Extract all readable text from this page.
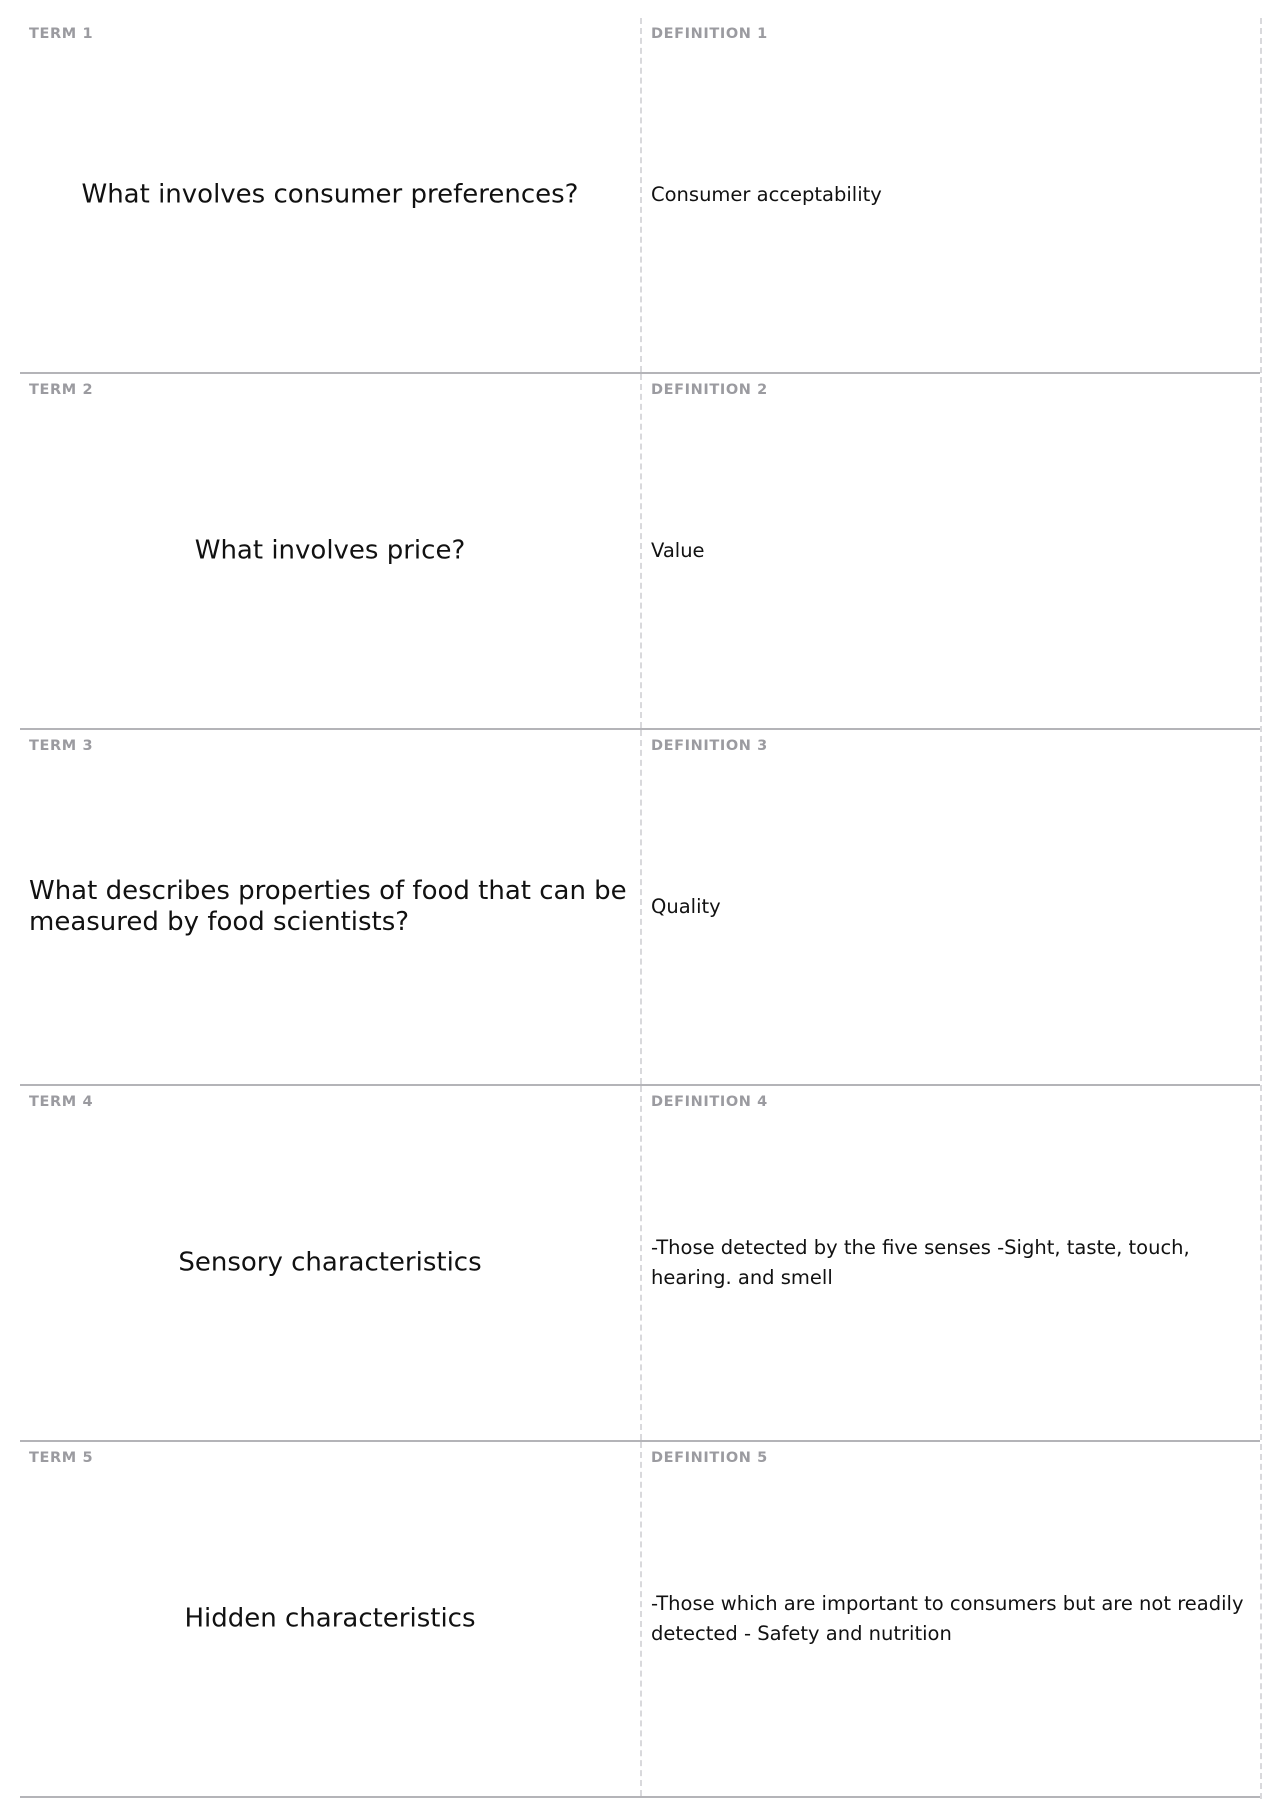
TERM 1
What involves consumer preferences?
DEFINITION 1
Consumer acceptability
TERM 2
What involves price?
DEFINITION 2
Value
TERM 3
What describes properties of food that can be measured by food scientists?
DEFINITION 3
Quality
TERM 4
Sensory characteristics
DEFINITION 4
-Those detected by the five senses -Sight, taste, touch, hearing. and smell
TERM 5
Hidden characteristics
DEFINITION 5
-Those which are important to consumers but are not readily detected - Safety and nutrition
